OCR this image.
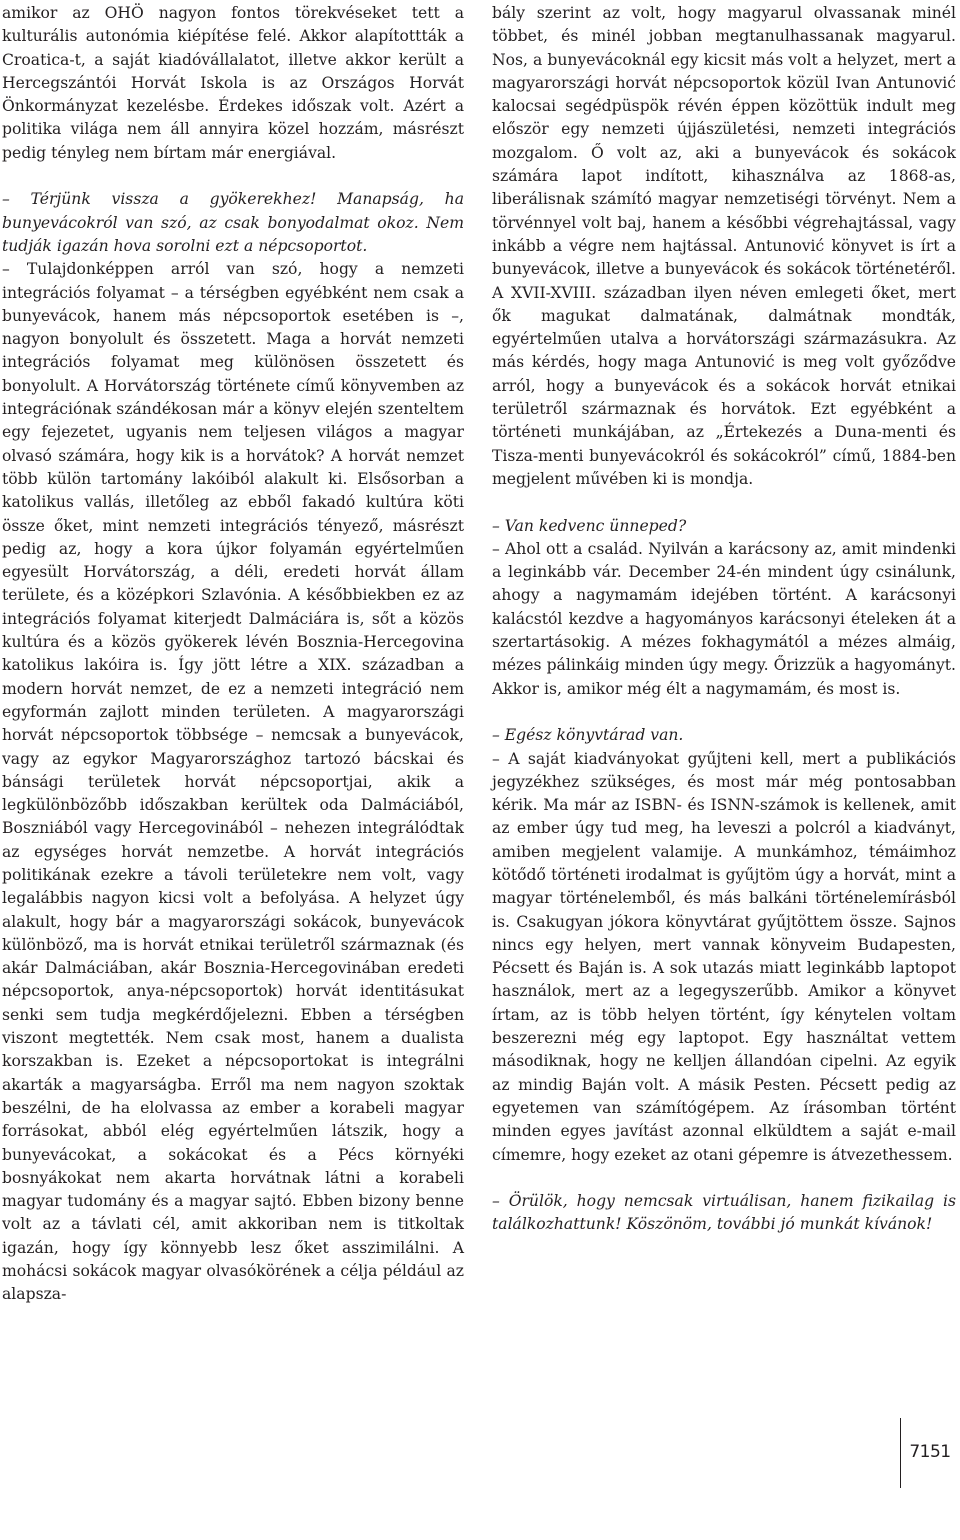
amikor az OHÖ nagyon fontos törekvéseket tett a kulturális autonómia kiépítése felé. Akkor alapítottták a Croatica-t, a saját kiadóvállalatot, illetve akkor került a Hercegszántói Horvát Iskola is az Országos Horvát Önkormányzat kezelésbe. Érdekes időszak volt. Azért a politika világa nem áll annyira közel hozzám, másrészt pedig tényleg nem bírtam már energiával.

– Térjünk vissza a gyökerekhez! Manapság, ha bunyevácokról van szó, az csak bonyodalmat okoz. Nem tudják igazán hova sorolni ezt a népcsoportot.

– Tulajdonképpen arról van szó, hogy a nemzeti integrációs folyamat – a térségben egyébként nem csak a bunyevácok, hanem más népcsoportok esetében is –, nagyon bonyolult és összetett. Maga a horvát nemzeti integrációs folyamat meg különösen összetett és bonyolult. A Horvátország története című könyvemben az integrációnak szándékosan már a könyv elején szenteltem egy fejezetet, ugyanis nem teljesen világos a magyar olvasó számára, hogy kik is a horvátok? A horvát nemzet több külön tartomány lakóiból alakult ki. Elsősorban a katolikus vallás, illetőleg az ebből fakadó kultúra köti össze őket, mint nemzeti integrációs tényező, másrészt pedig az, hogy a kora újkor folyamán egyértelműen egyesült Horvátország, a déli, eredeti horvát állam területe, és a középkori Szlavónia. A későbbiekben ez az integrációs folyamat kiterjedt Dalmáciára is, sőt a közös kultúra és a közös gyökerek lévén Bosznia-Hercegovina katolikus lakóira is. Így jött létre a XIX. században a modern horvát nemzet, de ez a nemzeti integráció nem egyformán zajlott minden területen. A magyarországi horvát népcsoportok többsége – nemcsak a bunyevácok, vagy az egykor Magyarországhoz tartozó bácskai és bánsági területek horvát népcsoportjai, akik a legkülönbözőbb időszakban kerültek oda Dalmáciából, Boszniából vagy Hercegovinából – nehezen integrálódtak az egységes horvát nemzetbe. A horvát integrációs politikának ezekre a távoli területekre nem volt, vagy legalábbis nagyon kicsi volt a befolyása. A helyzet úgy alakult, hogy bár a magyarországi sokácok, bunyevácok különböző, ma is horvát etnikai területről származnak (és akár Dalmáciában, akár Bosznia-Hercegovinában eredeti népcsoportok, anya-népcsoportok) horvát identitásukat senki sem tudja megkérdőjelezni. Ebben a térségben viszont megtették. Nem csak most, hanem a dualista korszakban is. Ezeket a népcsoportokat is integrálni akarták a magyarságba. Erről ma nem nagyon szoktak beszélni, de ha elolvassa az ember a korabeli magyar forrásokat, abból elég egyértelműen látszik, hogy a bunyevácokat, a sokácokat és a Pécs környéki bosnyákokat nem akarta horvátnak látni a korabeli magyar tudomány és a magyar sajtó. Ebben bizony benne volt az a távlati cél, amit akkoriban nem is titkoltak igazán, hogy így könnyebb lesz őket asszimilálni. A mohácsi sokácok magyar olvasókörének a célja például az alapsza-

bály szerint az volt, hogy magyarul olvassanak minél többet, és minél jobban megtanulhassanak magyarul. Nos, a bunyevácoknál egy kicsit más volt a helyzet, mert a magyarországi horvát népcsoportok közül Ivan Antunović kalocsai segédpüspök révén éppen közöttük indult meg először egy nemzeti újjászületési, nemzeti integrációs mozgalom. Ő volt az, aki a bunyevácok és sokácok számára lapot indított, kihasználva az 1868-as, liberálisnak számító magyar nemzetiségi törvényt. Nem a törvénnyel volt baj, hanem a későbbi végrehajtással, vagy inkább a végre nem hajtással. Antunović könyvet is írt a bunyevácok, illetve a bunyevácok és sokácok történetéről. A XVII-XVIII. században ilyen néven emlegeti őket, mert ők magukat dalmatának, dalmátnak mondták, egyértelműen utalva a horvátországi származásukra. Az más kérdés, hogy maga Antunović is meg volt győződve arról, hogy a bunyevácok és a sokácok horvát etnikai területről származnak és horvátok. Ezt egyébként a történeti munkájában, az „Értekezés a Duna-menti és Tisza-menti bunyevácokról és sokácokról” című, 1884-ben megjelent művében ki is mondja.

– Van kedvenc ünneped?

– Ahol ott a család. Nyilván a karácsony az, amit mindenki a leginkább vár. December 24-én mindent úgy csinálunk, ahogy a nagymamám idejében történt. A karácsonyi kalácstól kezdve a hagyományos karácsonyi ételeken át a szertartásokig. A mézes fokhagymától a mézes almáig, mézes pálinkáig minden úgy megy. Őrizzük a hagyományt. Akkor is, amikor még élt a nagymamám, és most is.

– Egész könyvtárad van.

– A saját kiadványokat gyűjteni kell, mert a publikációs jegyzékhez szükséges, és most már még pontosabban kérik. Ma már az ISBN- és ISNN-számok is kellenek, amit az ember úgy tud meg, ha leveszi a polcról a kiadványt, amiben megjelent valamije. A munkámhoz, témáimhoz kötődő történeti irodalmat is gyűjtöm úgy a horvát, mint a magyar történelemből, és más balkáni történelemírásból is. Csakugyan jókora könyvtárat gyűjtöttem össze. Sajnos nincs egy helyen, mert vannak könyveim Budapesten, Pécsett és Baján is. A sok utazás miatt leginkább laptopot használok, mert az a legegyszerűbb. Amikor a könyvet írtam, az is több helyen történt, így kénytelen voltam beszerezni még egy laptopot. Egy használtat vettem másodiknak, hogy ne kelljen állandóan cipelni. Az egyik az mindig Baján volt. A másik Pesten. Pécsett pedig az egyetemen van számítógépem. Az írásomban történt minden egyes javítást azonnal elküldtem a saját e-mail címemre, hogy ezeket az otani gépemre is átvezethessem.

– Örülök, hogy nemcsak virtuálisan, hanem fizikailag is találkozhattunk! Köszönöm, további jó munkát kívánok!

7151
